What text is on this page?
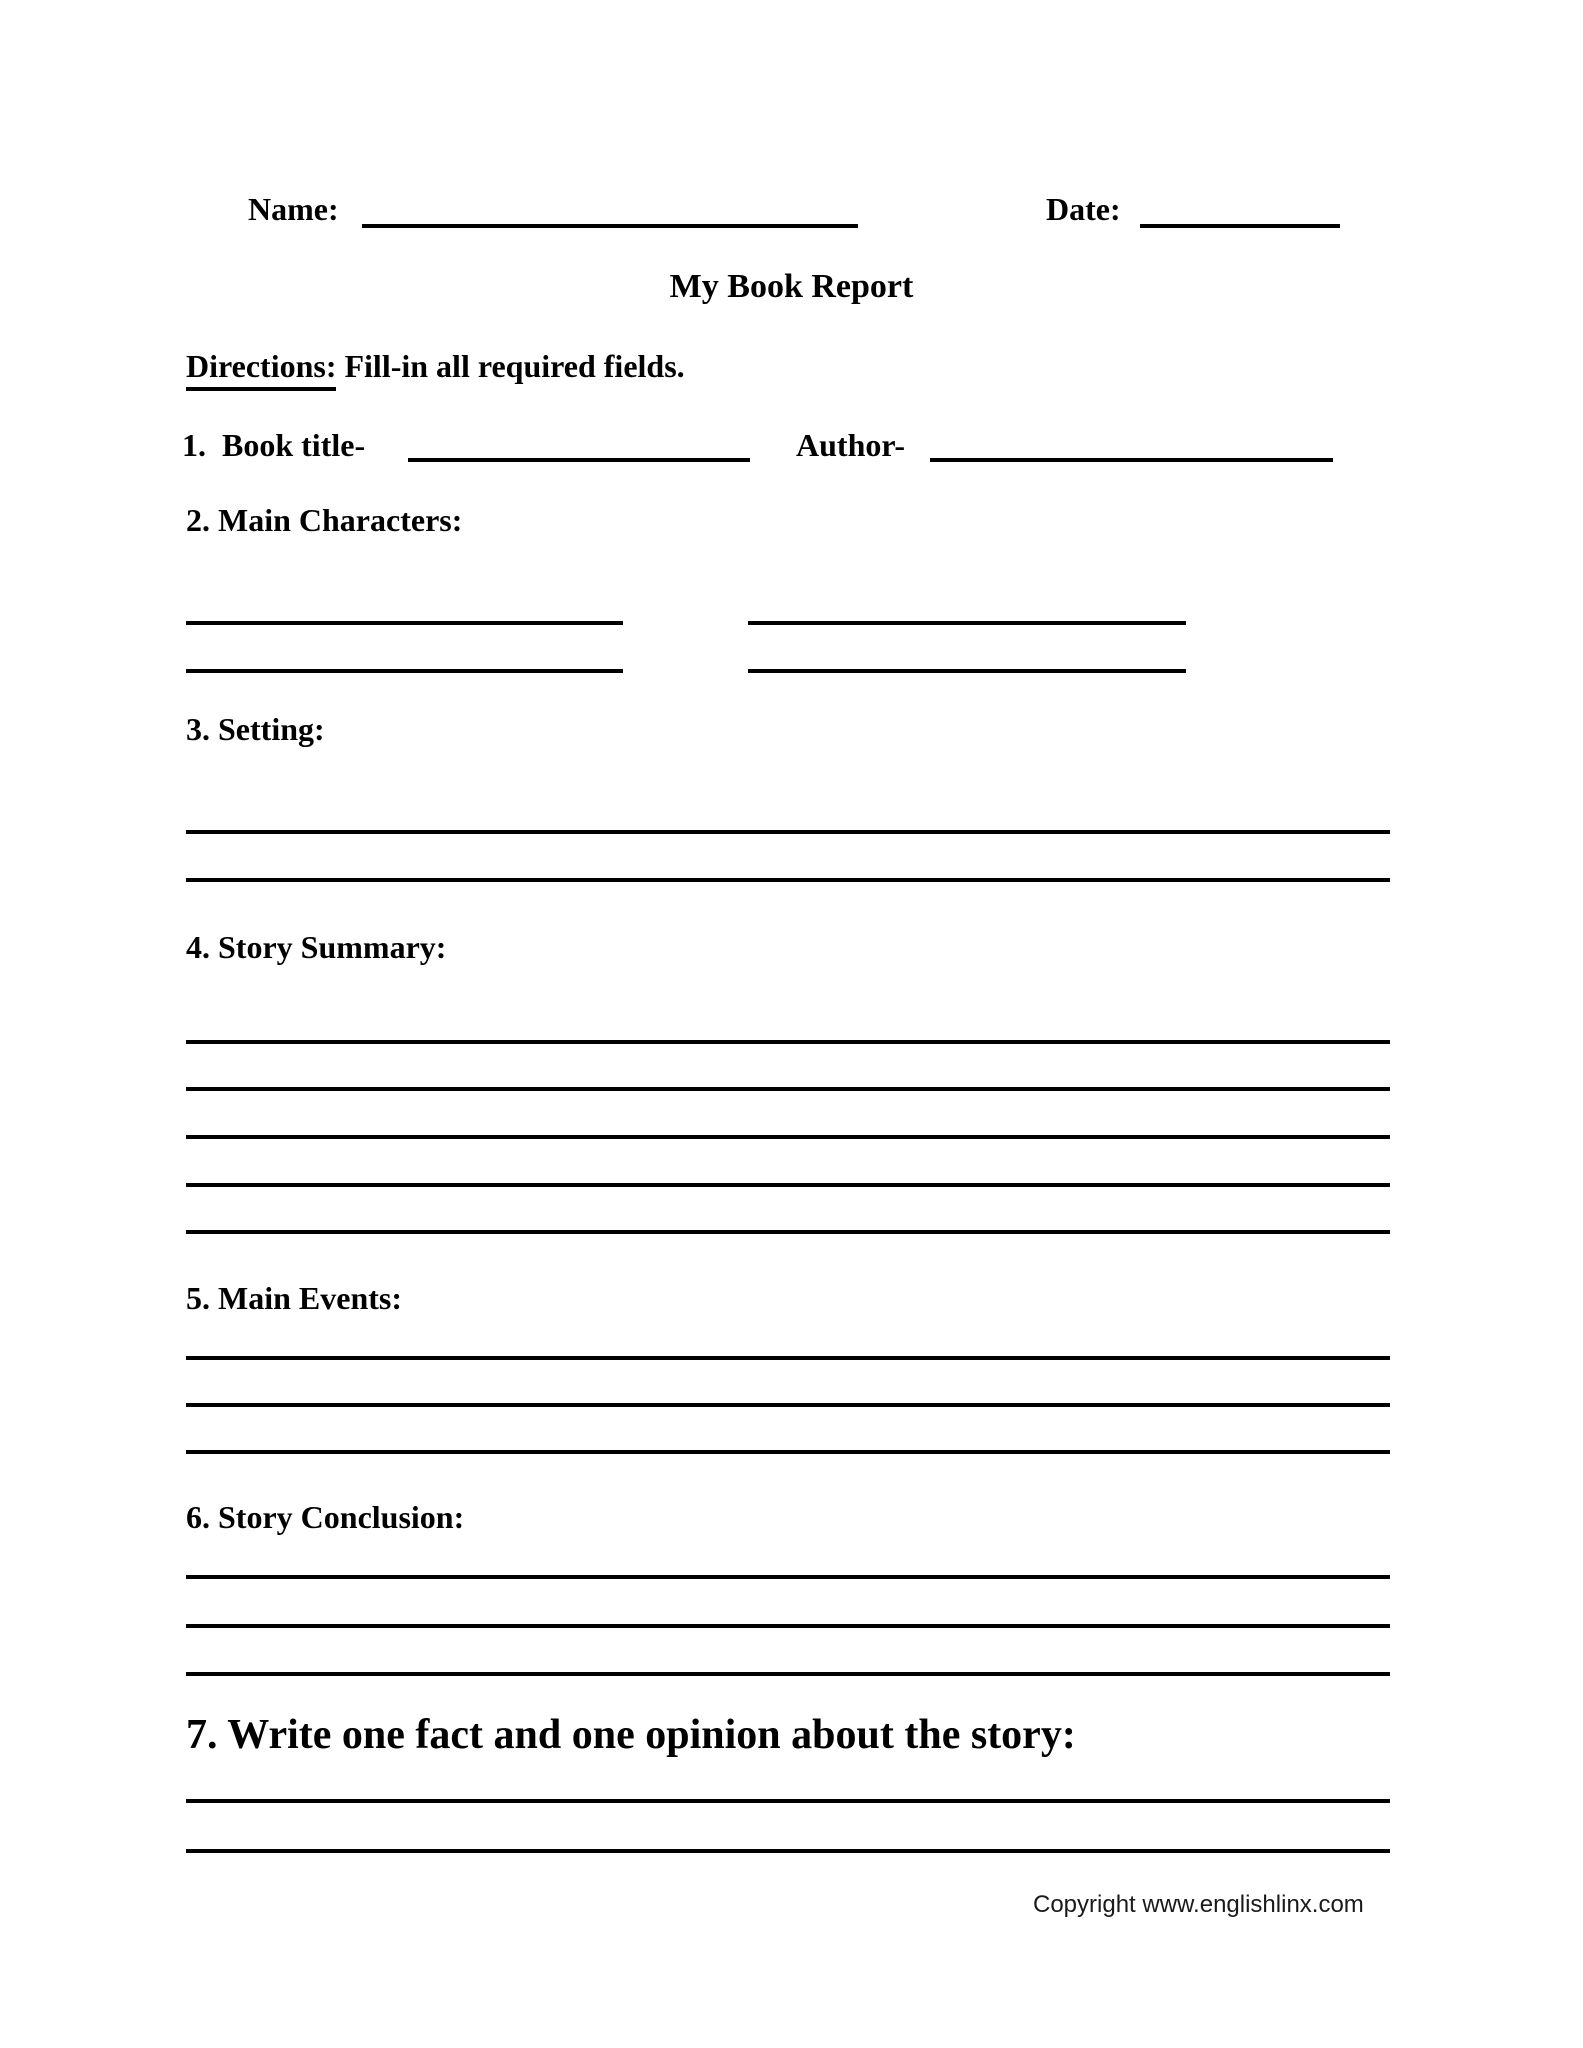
Name:	Date:
My Book Report

Directions: Fill-in all required fields.

1.  Book title-	Author-
2. Main Characters:
3. Setting:
4. Story Summary:
5. Main Events:
6. Story Conclusion:
7. Write one fact and one opinion about the story:
Copyright www.englishlinx.com
